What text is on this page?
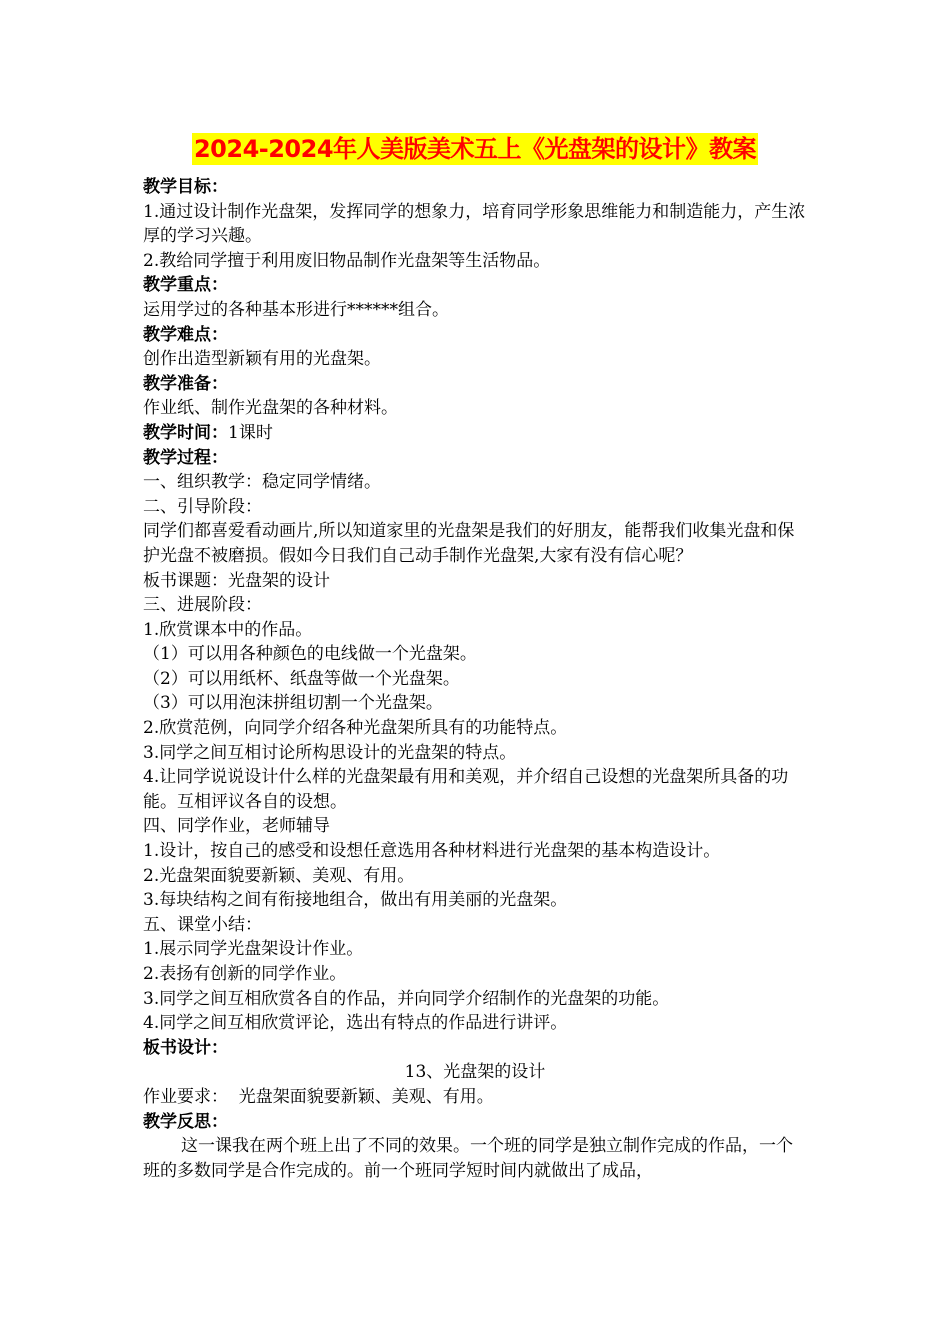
2024-2024年人美版美术五上《光盘架的设计》教案

教学目标：

1.通过设计制作光盘架，发挥同学的想象力，培育同学形象思维能力和制造能力，产生浓厚的学习兴趣。

2.教给同学擅于利用废旧物品制作光盘架等生活物品。

教学重点：

运用学过的各种基本形进行******组合。

教学难点：

创作出造型新颖有用的光盘架。

教学准备：

作业纸、制作光盘架的各种材料。

教学时间：1课时

教学过程：

一、组织教学：稳定同学情绪。

二、引导阶段：

同学们都喜爱看动画片,所以知道家里的光盘架是我们的好朋友，能帮我们收集光盘和保护光盘不被磨损。假如今日我们自己动手制作光盘架,大家有没有信心呢？

板书课题：光盘架的设计

三、进展阶段：

1.欣赏课本中的作品。

（1）可以用各种颜色的电线做一个光盘架。

（2）可以用纸杯、纸盘等做一个光盘架。

（3）可以用泡沫拼组切割一个光盘架。

2.欣赏范例，向同学介绍各种光盘架所具有的功能特点。

3.同学之间互相讨论所构思设计的光盘架的特点。

4.让同学说说设计什么样的光盘架最有用和美观，并介绍自己设想的光盘架所具备的功能。互相评议各自的设想。

四、同学作业，老师辅导

1.设计，按自己的感受和设想任意选用各种材料进行光盘架的基本构造设计。

2.光盘架面貌要新颖、美观、有用。

3.每块结构之间有衔接地组合，做出有用美丽的光盘架。

五、课堂小结：

1.展示同学光盘架设计作业。

2.表扬有创新的同学作业。

3.同学之间互相欣赏各自的作品，并向同学介绍制作的光盘架的功能。

4.同学之间互相欣赏评论，选出有特点的作品进行讲评。

板书设计：

13、光盘架的设计

作业要求：  光盘架面貌要新颖、美观、有用。

教学反思：

这一课我在两个班上出了不同的效果。一个班的同学是独立制作完成的作品，一个班的多数同学是合作完成的。前一个班同学短时间内就做出了成品，
